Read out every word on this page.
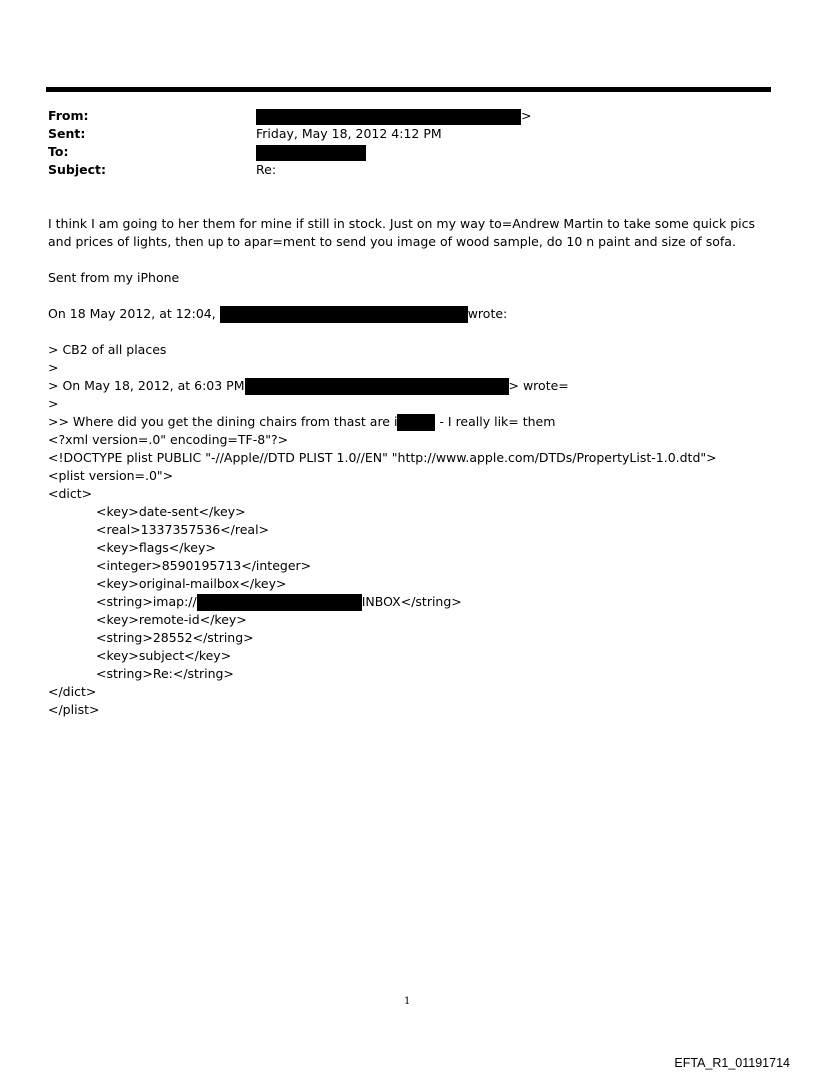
From:	>
Sent:	Friday, May 18, 2012 4:12 PM
To:
Subject:	Re:
I think I am going to her them for mine if still in stock. Just on my way to=Andrew Martin to take some quick pics and prices of lights, then up to apar=ment to send you image of wood sample, do 10 n paint and size of sofa.
Sent from my iPhone
On 18 May 2012, at 12:04,	wrote:
> CB2 of all places
>
> On May 18, 2012, at 6:03 PM	> wrote=
>
>> Where did you get the dining chairs from thast are i	- I really lik= them
<?xml version=.0" encoding=TF-8"?>
<!DOCTYPE plist PUBLIC "-//Apple//DTD PLIST 1.0//EN" "http://www.apple.com/DTDs/PropertyList-1.0.dtd">
<plist version=.0">
<dict>
<key>date-sent</key>
<real>1337357536</real>
<key>flags</key>
<integer>8590195713</integer>
<key>original-mailbox</key>
<string>imap://	INBOX</string>
<key>remote-id</key>
<string>28552</string>
<key>subject</key>
<string>Re:</string>
</dict>
</plist>
1
EFTA_R1_01191714
